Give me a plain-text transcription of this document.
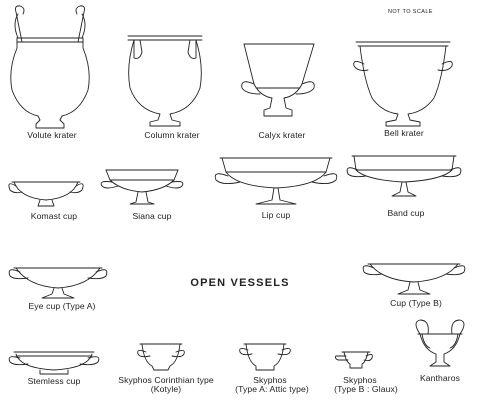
NOT TO SCALE
OPEN VESSELS
Volute krater	Column krater	Calyx krater	Bell krater
Komast cup	Siana cup	Lip cup	Band cup
Eye cup (Type A)	Cup (Type B)
Stemless cup	Skyphos Corinthian type
(Kotyle)
Skyphos
(Type A: Attic type)
Skyphos
(Type B : Glaux)
Kantharos
